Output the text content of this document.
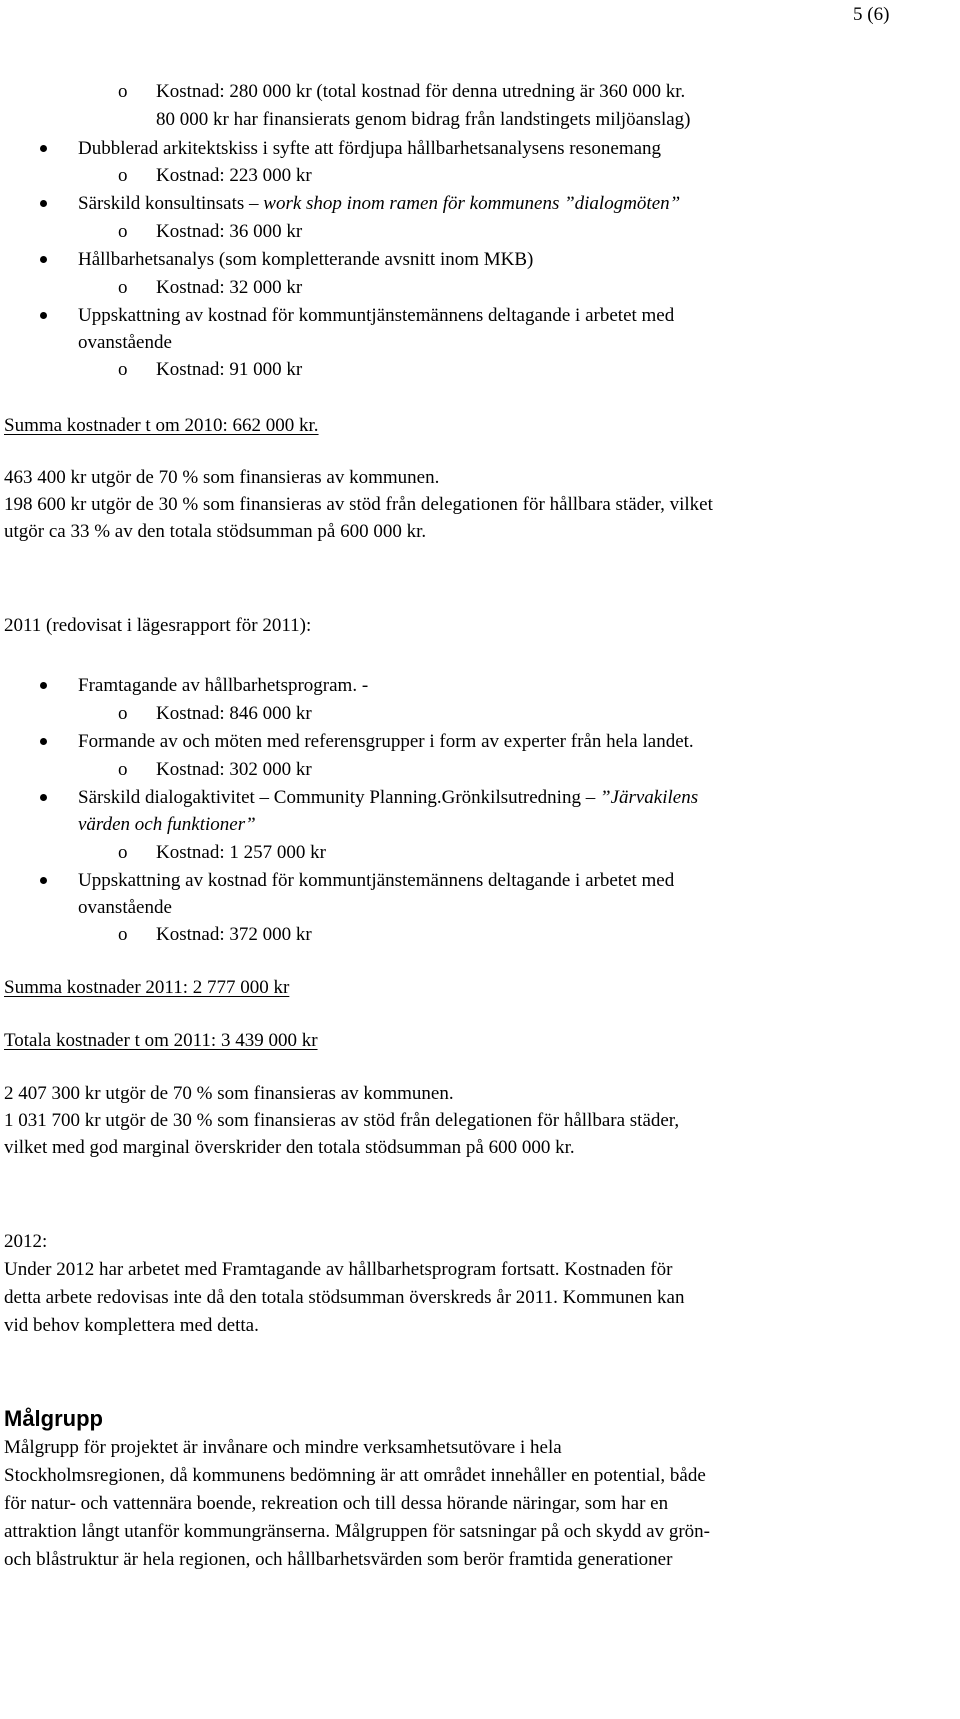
5 (6)
o Kostnad: 280 000 kr (total kostnad för denna utredning är 360 000 kr.
80 000 kr har finansierats genom bidrag från landstingets miljöanslag)
Dubblerad arkitektskiss i syfte att fördjupa hållbarhetsanalysens resonemang
o Kostnad: 223 000 kr
Särskild konsultinsats – work shop inom ramen för kommunens ”dialogmöten”
o Kostnad: 36 000 kr
Hållbarhetsanalys (som kompletterande avsnitt inom MKB)
o Kostnad: 32 000 kr
Uppskattning av kostnad för kommuntjänstemännens deltagande i arbetet med
ovanstående
o Kostnad: 91 000 kr
Summa kostnader t om 2010: 662 000 kr.
463 400 kr utgör de 70 % som finansieras av kommunen.
198 600 kr utgör de 30 % som finansieras av stöd från delegationen för hållbara städer, vilket
utgör ca 33 % av den totala stödsumman på 600 000 kr.
2011 (redovisat i lägesrapport för 2011):
Framtagande av hållbarhetsprogram. -
o Kostnad: 846 000 kr
Formande av och möten med referensgrupper i form av experter från hela landet.
o Kostnad: 302 000 kr
Särskild dialogaktivitet – Community Planning.Grönkilsutredning – ”Järvakilens
värden och funktioner”
o Kostnad: 1 257 000 kr
Uppskattning av kostnad för kommuntjänstemännens deltagande i arbetet med
ovanstående
o Kostnad: 372 000 kr
Summa kostnader 2011: 2 777 000 kr
Totala kostnader t om 2011: 3 439 000 kr
2 407 300 kr utgör de 70 % som finansieras av kommunen.
1 031 700 kr utgör de 30 % som finansieras av stöd från delegationen för hållbara städer,
vilket med god marginal överskrider den totala stödsumman på 600 000 kr.
2012:
Under 2012 har arbetet med Framtagande av hållbarhetsprogram fortsatt. Kostnaden för
detta arbete redovisas inte då den totala stödsumman överskreds år 2011. Kommunen kan
vid behov komplettera med detta.
Målgrupp
Målgrupp för projektet är invånare och mindre verksamhetsutövare i hela
Stockholmsregionen, då kommunens bedömning är att området innehåller en potential, både
för natur- och vattennära boende, rekreation och till dessa hörande näringar, som har en
attraktion långt utanför kommungränserna. Målgruppen för satsningar på och skydd av grön-
och blåstruktur är hela regionen, och hållbarhetsvärden som berör framtida generationer
